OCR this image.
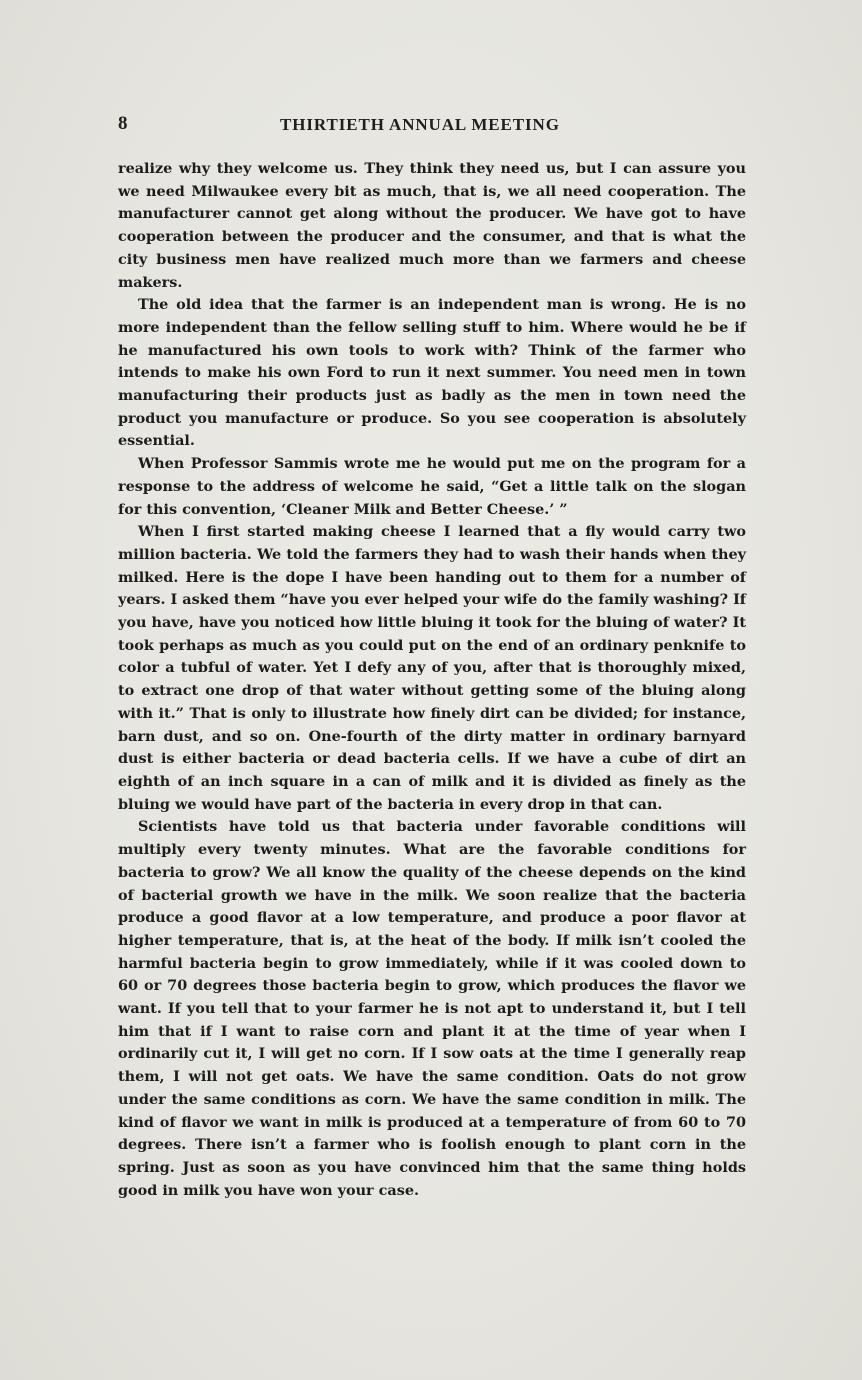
8	THIRTIETH ANNUAL MEETING

realize why they welcome us. They think they need us, but I can assure you we need Milwaukee every bit as much, that is, we all need cooperation. The manufacturer cannot get along without the producer. We have got to have cooperation between the producer and the consumer, and that is what the city business men have realized much more than we farmers and cheese makers.

The old idea that the farmer is an independent man is wrong. He is no more independent than the fellow selling stuff to him. Where would he be if he manufactured his own tools to work with? Think of the farmer who intends to make his own Ford to run it next summer. You need men in town manufacturing their products just as badly as the men in town need the product you manufacture or produce. So you see cooperation is absolutely essential.

When Professor Sammis wrote me he would put me on the program for a response to the address of welcome he said, “Get a little talk on the slogan for this convention, ‘Cleaner Milk and Better Cheese.’ ”

When I first started making cheese I learned that a fly would carry two million bacteria. We told the farmers they had to wash their hands when they milked. Here is the dope I have been handing out to them for a number of years. I asked them “have you ever helped your wife do the family washing? If you have, have you noticed how little bluing it took for the bluing of water? It took perhaps as much as you could put on the end of an ordinary penknife to color a tubful of water. Yet I defy any of you, after that is thoroughly mixed, to extract one drop of that water without getting some of the bluing along with it.” That is only to illustrate how finely dirt can be divided; for instance, barn dust, and so on. One-fourth of the dirty matter in ordinary barnyard dust is either bacteria or dead bacteria cells. If we have a cube of dirt an eighth of an inch square in a can of milk and it is divided as finely as the bluing we would have part of the bacteria in every drop in that can.

Scientists have told us that bacteria under favorable conditions will multiply every twenty minutes. What are the favorable conditions for bacteria to grow? We all know the quality of the cheese depends on the kind of bacterial growth we have in the milk. We soon realize that the bacteria produce a good flavor at a low temperature, and produce a poor flavor at higher temperature, that is, at the heat of the body. If milk isn’t cooled the harmful bacteria begin to grow immediately, while if it was cooled down to 60 or 70 degrees those bacteria begin to grow, which produces the flavor we want. If you tell that to your farmer he is not apt to understand it, but I tell him that if I want to raise corn and plant it at the time of year when I ordinarily cut it, I will get no corn. If I sow oats at the time I generally reap them, I will not get oats. We have the same condition. Oats do not grow under the same conditions as corn. We have the same condition in milk. The kind of flavor we want in milk is produced at a temperature of from 60 to 70 degrees. There isn’t a farmer who is foolish enough to plant corn in the spring. Just as soon as you have convinced him that the same thing holds good in milk you have won your case.
